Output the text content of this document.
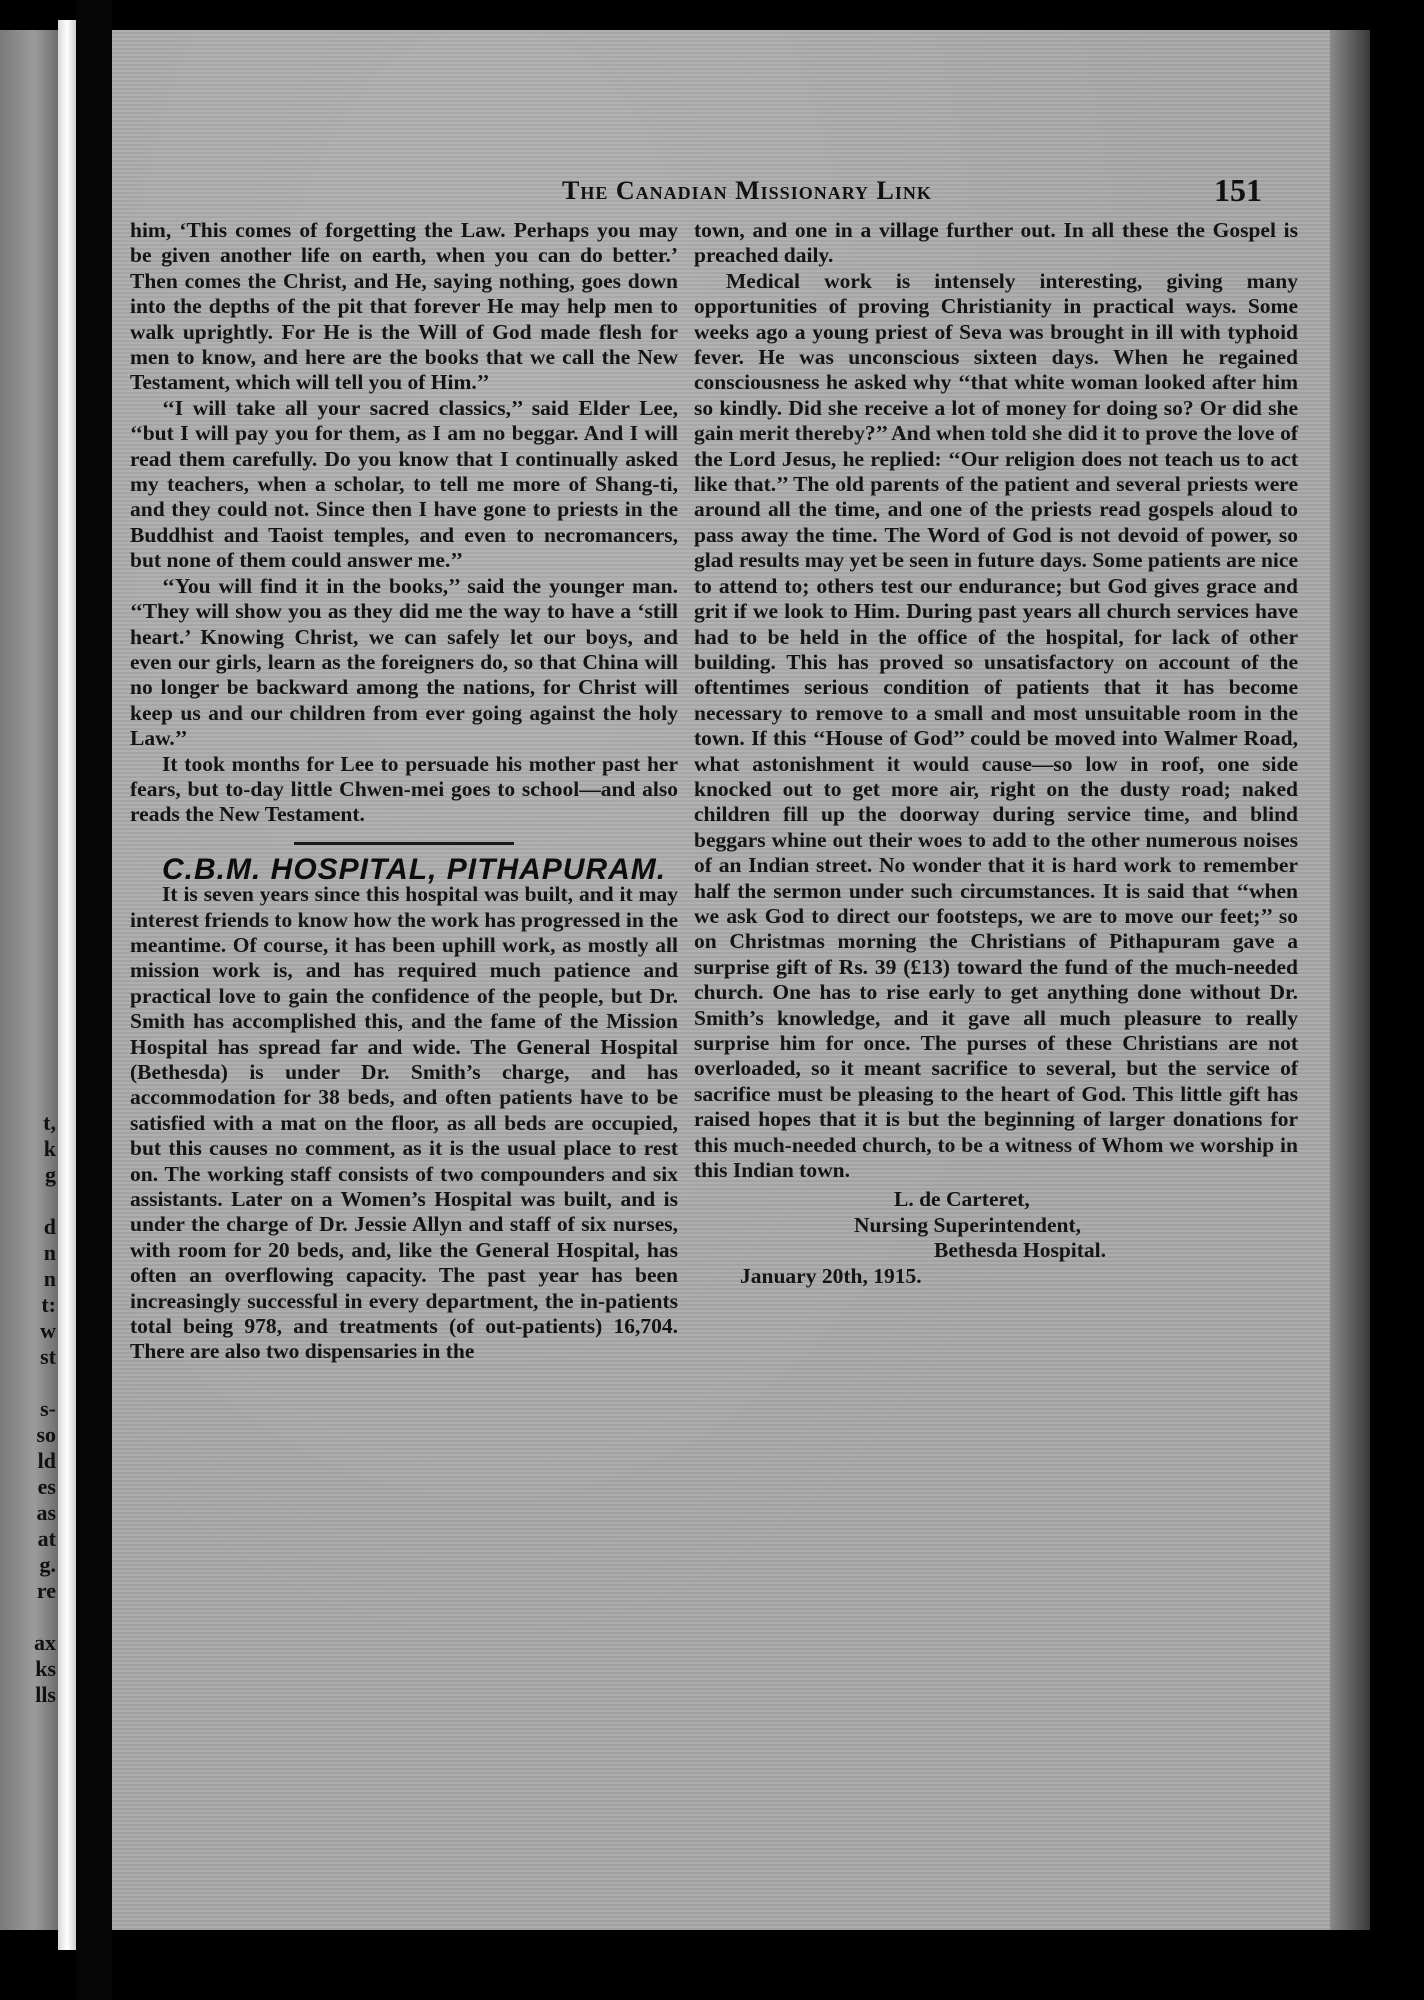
t,
k
g

d
n
n
t:
w
st

s-
so
ld
es
as
at
g.
re

ax
ks
lls
The Canadian Missionary Link	151

him, ‘This comes of forgetting the Law. Perhaps you may be given another life on earth, when you can do better.’ Then comes the Christ, and He, saying nothing, goes down into the depths of the pit that forever He may help men to walk uprightly. For He is the Will of God made flesh for men to know, and here are the books that we call the New Testament, which will tell you of Him.’’

‘‘I will take all your sacred classics,’’ said Elder Lee, ‘‘but I will pay you for them, as I am no beggar. And I will read them carefully. Do you know that I continually asked my teachers, when a scholar, to tell me more of Shang-ti, and they could not. Since then I have gone to priests in the Buddhist and Taoist temples, and even to necromancers, but none of them could answer me.’’

‘‘You will find it in the books,’’ said the younger man. ‘‘They will show you as they did me the way to have a ‘still heart.’ Knowing Christ, we can safely let our boys, and even our girls, learn as the foreigners do, so that China will no longer be backward among the nations, for Christ will keep us and our children from ever going against the holy Law.’’

It took months for Lee to persuade his mother past her fears, but to-day little Chwen-mei goes to school—and also reads the New Testament.

C.B.M. HOSPITAL, PITHAPURAM.

It is seven years since this hospital was built, and it may interest friends to know how the work has progressed in the meantime. Of course, it has been uphill work, as mostly all mission work is, and has required much patience and practical love to gain the confidence of the people, but Dr. Smith has accomplished this, and the fame of the Mission Hospital has spread far and wide. The General Hospital (Bethesda) is under Dr. Smith’s charge, and has accommodation for 38 beds, and often patients have to be satisfied with a mat on the floor, as all beds are occupied, but this causes no comment, as it is the usual place to rest on. The working staff consists of two compounders and six assistants. Later on a Women’s Hospital was built, and is under the charge of Dr. Jessie Allyn and staff of six nurses, with room for 20 beds, and, like the General Hospital, has often an overflowing capacity. The past year has been increasingly successful in every department, the in-patients total being 978, and treatments (of out-patients) 16,704. There are also two dispensaries in the

town, and one in a village further out. In all these the Gospel is preached daily.

Medical work is intensely interesting, giving many opportunities of proving Christianity in practical ways. Some weeks ago a young priest of Seva was brought in ill with typhoid fever. He was unconscious sixteen days. When he regained consciousness he asked why ‘‘that white woman looked after him so kindly. Did she receive a lot of money for doing so? Or did she gain merit thereby?’’ And when told she did it to prove the love of the Lord Jesus, he replied: ‘‘Our religion does not teach us to act like that.’’ The old parents of the patient and several priests were around all the time, and one of the priests read gospels aloud to pass away the time. The Word of God is not devoid of power, so glad results may yet be seen in future days. Some patients are nice to attend to; others test our endurance; but God gives grace and grit if we look to Him. During past years all church services have had to be held in the office of the hospital, for lack of other building. This has proved so unsatisfactory on account of the oftentimes serious condition of patients that it has become necessary to remove to a small and most unsuitable room in the town. If this ‘‘House of God’’ could be moved into Walmer Road, what astonishment it would cause—so low in roof, one side knocked out to get more air, right on the dusty road; naked children fill up the doorway during service time, and blind beggars whine out their woes to add to the other numerous noises of an Indian street. No wonder that it is hard work to remember half the sermon under such circumstances. It is said that ‘‘when we ask God to direct our footsteps, we are to move our feet;’’ so on Christmas morning the Christians of Pithapuram gave a surprise gift of Rs. 39 (£13) toward the fund of the much-needed church. One has to rise early to get anything done without Dr. Smith’s knowledge, and it gave all much pleasure to really surprise him for once. The purses of these Christians are not overloaded, so it meant sacrifice to several, but the service of sacrifice must be pleasing to the heart of God. This little gift has raised hopes that it is but the beginning of larger donations for this much-needed church, to be a witness of Whom we worship in this Indian town.

L. de Carteret,
Nursing Superintendent,
Bethesda Hospital.

January 20th, 1915.
